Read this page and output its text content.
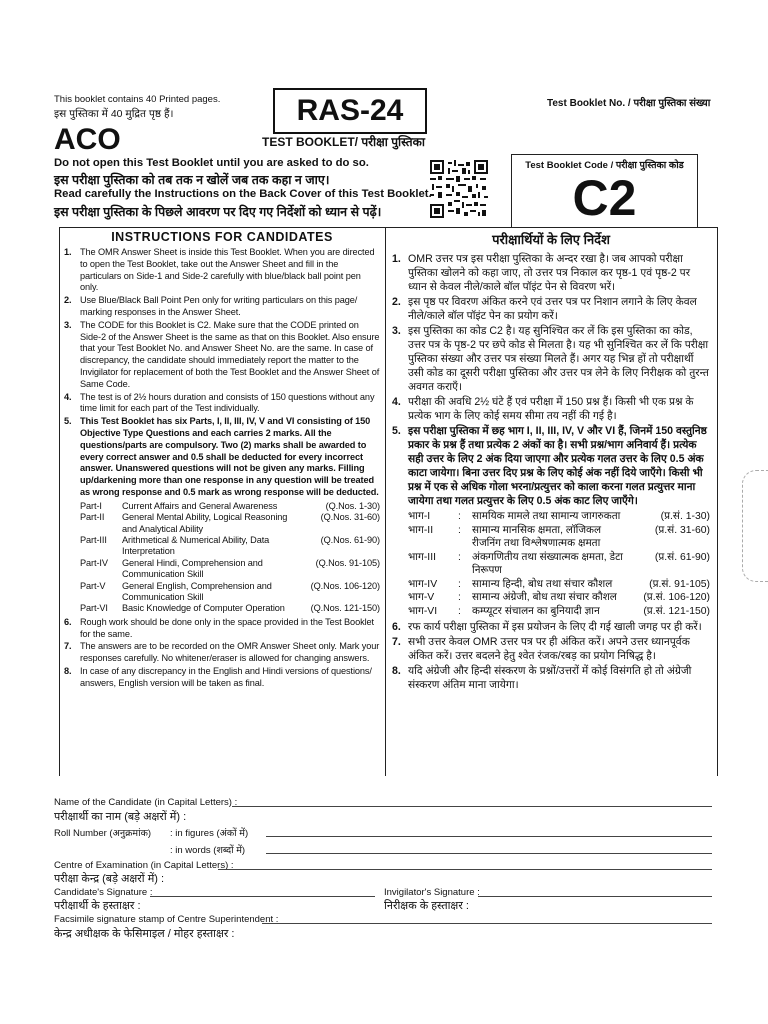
This booklet contains 40 Printed pages.
इस पुस्तिका में 40 मुद्रित पृष्ठ हैं।
ACO
RAS-24
TEST BOOKLET/ परीक्षा पुस्तिका
Test Booklet No. / परीक्षा पुस्तिका संख्या
Test Booklet Code / परीक्षा पुस्तिका कोड
C2
Do not open this Test Booklet until you are asked to do so.
इस परीक्षा पुस्तिका को तब तक न खोलें जब तक कहा न जाए।
Read carefully the Instructions on the Back Cover of this Test Booklet.
इस परीक्षा पुस्तिका के पिछले आवरण पर दिए गए निर्देशों को ध्यान से पढ़ें।
INSTRUCTIONS FOR CANDIDATES
1. The OMR Answer Sheet is inside this Test Booklet. When you are directed to open the Test Booklet, take out the Answer Sheet and fill in the particulars on Side-1 and Side-2 carefully with blue/black ball point pen only.
2. Use Blue/Black Ball Point Pen only for writing particulars on this page/ marking responses in the Answer Sheet.
3. The CODE for this Booklet is C2. Make sure that the CODE printed on Side-2 of the Answer Sheet is the same as that on this Booklet. Also ensure that your Test Booklet No. and Answer Sheet No. are the same. In case of discrepancy, the candidate should immediately report the matter to the Invigilator for replacement of both the Test Booklet and the Answer Sheet of Same Code.
4. The test is of 2½ hours duration and consists of 150 questions without any time limit for each part of the Test individually.
5. This Test Booklet has six Parts, I, II, III, IV, V and VI consisting of 150 Objective Type Questions and each carries 2 marks. All the questions/parts are compulsory. Two (2) marks shall be awarded to every correct answer and 0.5 shall be deducted for every incorrect answer. Unanswered questions will not be given any marks. Filling up/darkening more than one response in any question will be treated as wrong response and 0.5 mark as wrong response will be deducted.
Part-I	Current Affairs and General Awareness	(Q.Nos. 1-30)
Part-II	General Mental Ability, Logical Reasoning and Analytical Ability
(Q.Nos. 31-60)
Part-III	Arithmetical & Numerical Ability, Data Interpretation
(Q.Nos. 61-90)
Part-IV	General Hindi, Comprehension and Communication Skill
(Q.Nos. 91-105)
Part-V	General English, Comprehension and Communication Skill
(Q.Nos. 106-120)
Part-VI	Basic Knowledge of Computer Operation	(Q.Nos. 121-150)
6. Rough work should be done only in the space provided in the Test Booklet for the same.
7. The answers are to be recorded on the OMR Answer Sheet only. Mark your responses carefully. No whitener/eraser is allowed for changing answers.
8. In case of any discrepancy in the English and Hindi versions of questions/ answers, English version will be taken as final.
परीक्षार्थियों के लिए निर्देश
1. OMR उत्तर पत्र इस परीक्षा पुस्तिका के अन्दर रखा है। जब आपको परीक्षा पुस्तिका खोलने को कहा जाए, तो उत्तर पत्र निकाल कर पृष्ठ-1 एवं पृष्ठ-2 पर ध्यान से केवल नीले/काले बॉल पॉइंट पेन से विवरण भरें।
2. इस पृष्ठ पर विवरण अंकित करने एवं उत्तर पत्र पर निशान लगाने के लिए केवल नीले/काले बॉल पॉइंट पेन का प्रयोग करें।
3. इस पुस्तिका का कोड C2 है। यह सुनिश्चित कर लें कि इस पुस्तिका का कोड, उत्तर पत्र के पृष्ठ-2 पर छपे कोड से मिलता है। यह भी सुनिश्चित कर लें कि परीक्षा पुस्तिका संख्या और उत्तर पत्र संख्या मिलते हैं। अगर यह भिन्न हों तो परीक्षार्थी उसी कोड का दूसरी परीक्षा पुस्तिका और उत्तर पत्र लेने के लिए निरीक्षक को तुरन्त अवगत कराएँ।
4. परीक्षा की अवधि 2½ घंटे हैं एवं परीक्षा में 150 प्रश्न हैं। किसी भी एक प्रश्न के प्रत्येक भाग के लिए कोई समय सीमा तय नहीं की गई है।
5. इस परीक्षा पुस्तिका में छह भाग I, II, III, IV, V और VI हैं, जिनमें 150 वस्तुनिष्ठ प्रकार के प्रश्न हैं तथा प्रत्येक 2 अंकों का है। सभी प्रश्न/भाग अनिवार्य हैं। प्रत्येक सही उत्तर के लिए 2 अंक दिया जाएगा और प्रत्येक गलत उत्तर के लिए 0.5 अंक काटा जायेगा। बिना उत्तर दिए प्रश्न के लिए कोई अंक नहीं दिये जाएँगे। किसी भी प्रश्न में एक से अधिक गोला भरना/प्रत्युत्तर को काला करना गलत प्रत्युत्तर माना जायेगा तथा गलत प्रत्युत्तर के लिए 0.5 अंक काट लिए जाएँगे।
भाग-I	:	सामयिक मामले तथा सामान्य जागरुकता	(प्र.सं. 1-30)
भाग-II	:	सामान्य मानसिक क्षमता, लॉजिकल रीजनिंग तथा विश्लेषणात्मक क्षमता
(प्र.सं. 31-60)
भाग-III	:	अंकगणितीय तथा संख्यात्मक क्षमता, डेटा निरूपण
(प्र.सं. 61-90)
भाग-IV	:	सामान्य हिन्दी, बोध तथा संचार कौशल	(प्र.सं. 91-105)
भाग-V	:	सामान्य अंग्रेजी, बोध तथा संचार कौशल	(प्र.सं. 106-120)
भाग-VI	:	कम्प्यूटर संचालन का बुनियादी ज्ञान	(प्र.सं. 121-150)
6. रफ कार्य परीक्षा पुस्तिका में इस प्रयोजन के लिए दी गई खाली जगह पर ही करें।
7. सभी उत्तर केवल OMR उत्तर पत्र पर ही अंकित करें। अपने उत्तर ध्यानपूर्वक अंकित करें। उत्तर बदलने हेतु श्वेत रंजक/रबड़ का प्रयोग निषिद्ध है।
8. यदि अंग्रेजी और हिन्दी संस्करण के प्रश्नों/उत्तरों में कोई विसंगति हो तो अंग्रेजी संस्करण अंतिम माना जायेगा।
Name of the Candidate (in Capital Letters) :
परीक्षार्थी का नाम (बड़े अक्षरों में) :
Roll Number (अनुक्रमांक) : in figures (अंकों में)
: in words (शब्दों में)
Centre of Examination (in Capital Letters) :
परीक्षा केन्द्र (बड़े अक्षरों में) :
Candidate's Signature :	Invigilator's Signature :
परीक्षार्थी के हस्ताक्षर :	निरीक्षक के हस्ताक्षर :
Facsimile signature stamp of Centre Superintendent :
केन्द्र अधीक्षक के फेसिमाइल / मोहर हस्ताक्षर :
